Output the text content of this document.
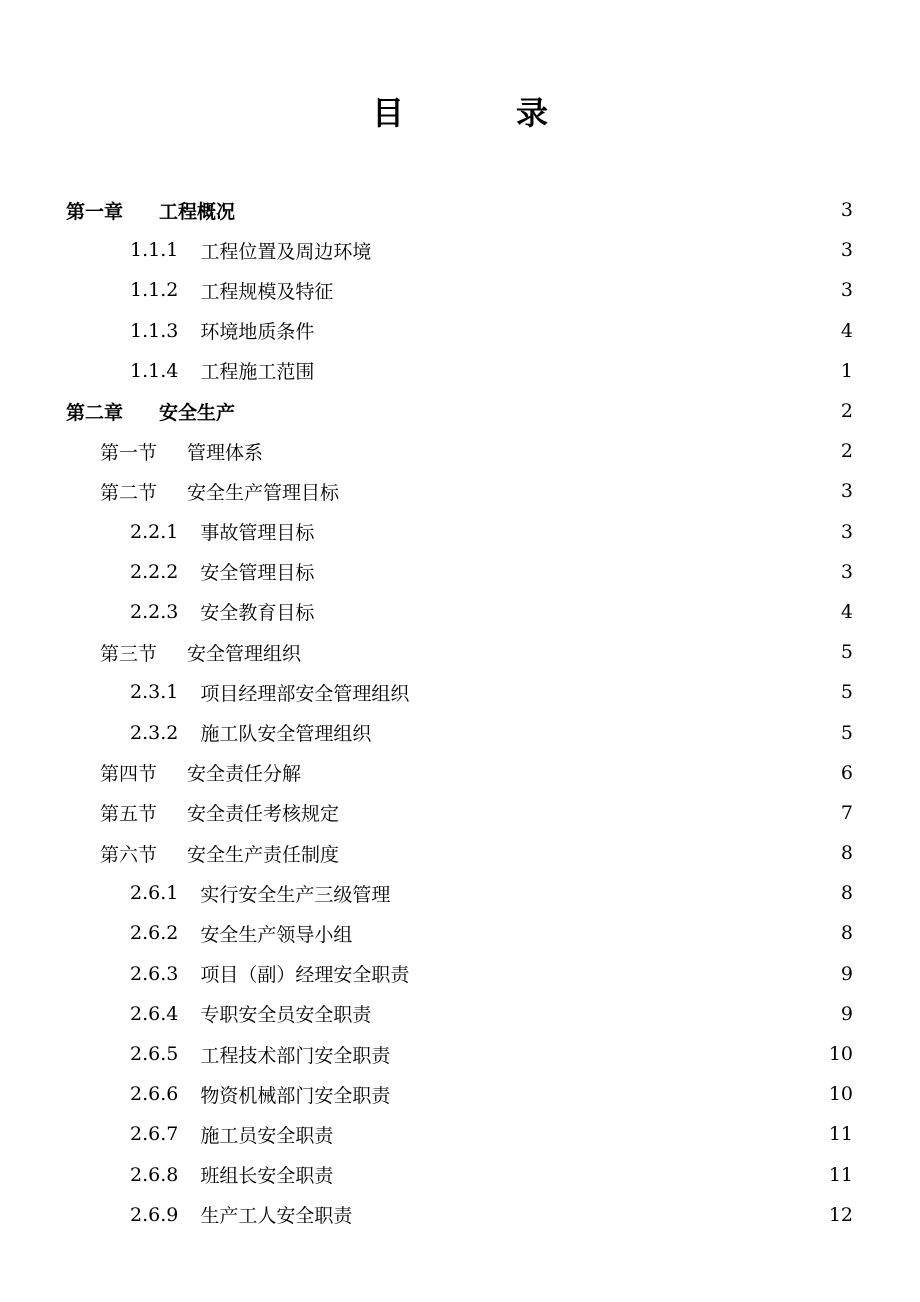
目　录
第一章 工程概况	3
1.1.1 工程位置及周边环境	3
1.1.2 工程规模及特征	3
1.1.3 环境地质条件	4
1.1.4 工程施工范围	1
第二章 安全生产	2
第一节 管理体系	2
第二节 安全生产管理目标	3
2.2.1 事故管理目标	3
2.2.2 安全管理目标	3
2.2.3 安全教育目标	4
第三节 安全管理组织	5
2.3.1 项目经理部安全管理组织	5
2.3.2 施工队安全管理组织	5
第四节 安全责任分解	6
第五节 安全责任考核规定	7
第六节 安全生产责任制度	8
2.6.1 实行安全生产三级管理	8
2.6.2 安全生产领导小组	8
2.6.3 项目（副）经理安全职责	9
2.6.4 专职安全员安全职责	9
2.6.5 工程技术部门安全职责	10
2.6.6 物资机械部门安全职责	10
2.6.7 施工员安全职责	11
2.6.8 班组长安全职责	11
2.6.9 生产工人安全职责	12
